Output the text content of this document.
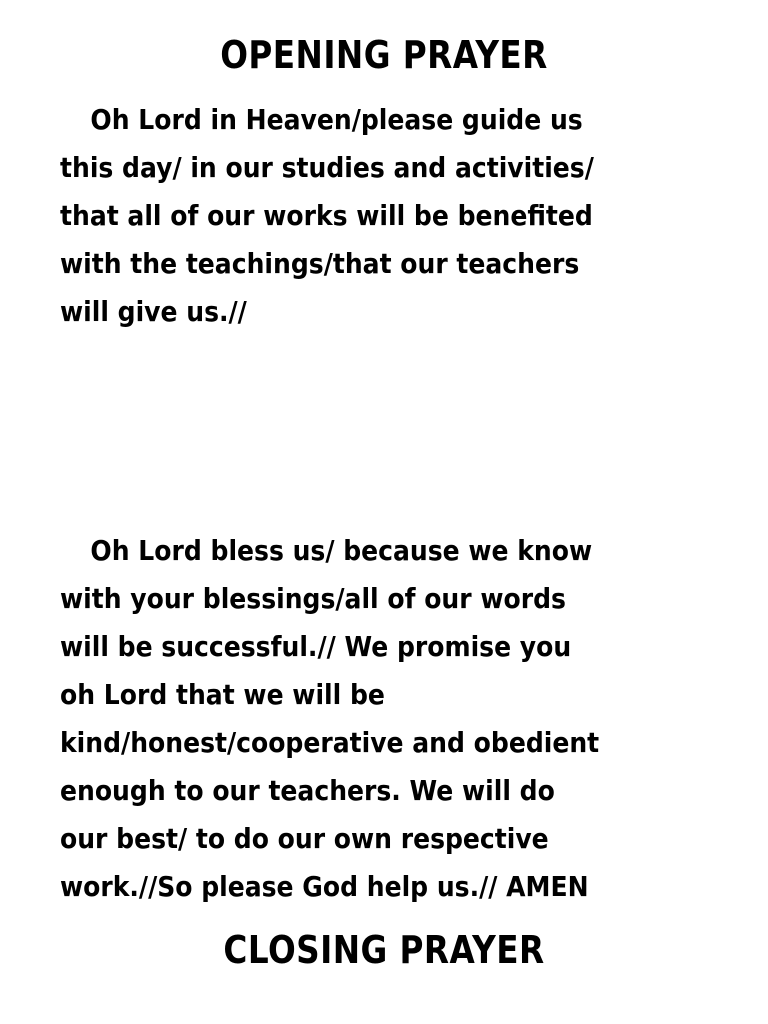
OPENING PRAYER
Oh Lord in Heaven/please guide us
this day/ in our studies and activities/
that all of our works will be benefited
with the teachings/that our teachers
will give us.//
Oh Lord bless us/ because we know
with your blessings/all of our words
will be successful.// We promise you
oh Lord that we will be
kind/honest/cooperative and obedient
enough to our teachers. We will do
our best/ to do our own respective
work.//So please God help us.// AMEN
CLOSING PRAYER
